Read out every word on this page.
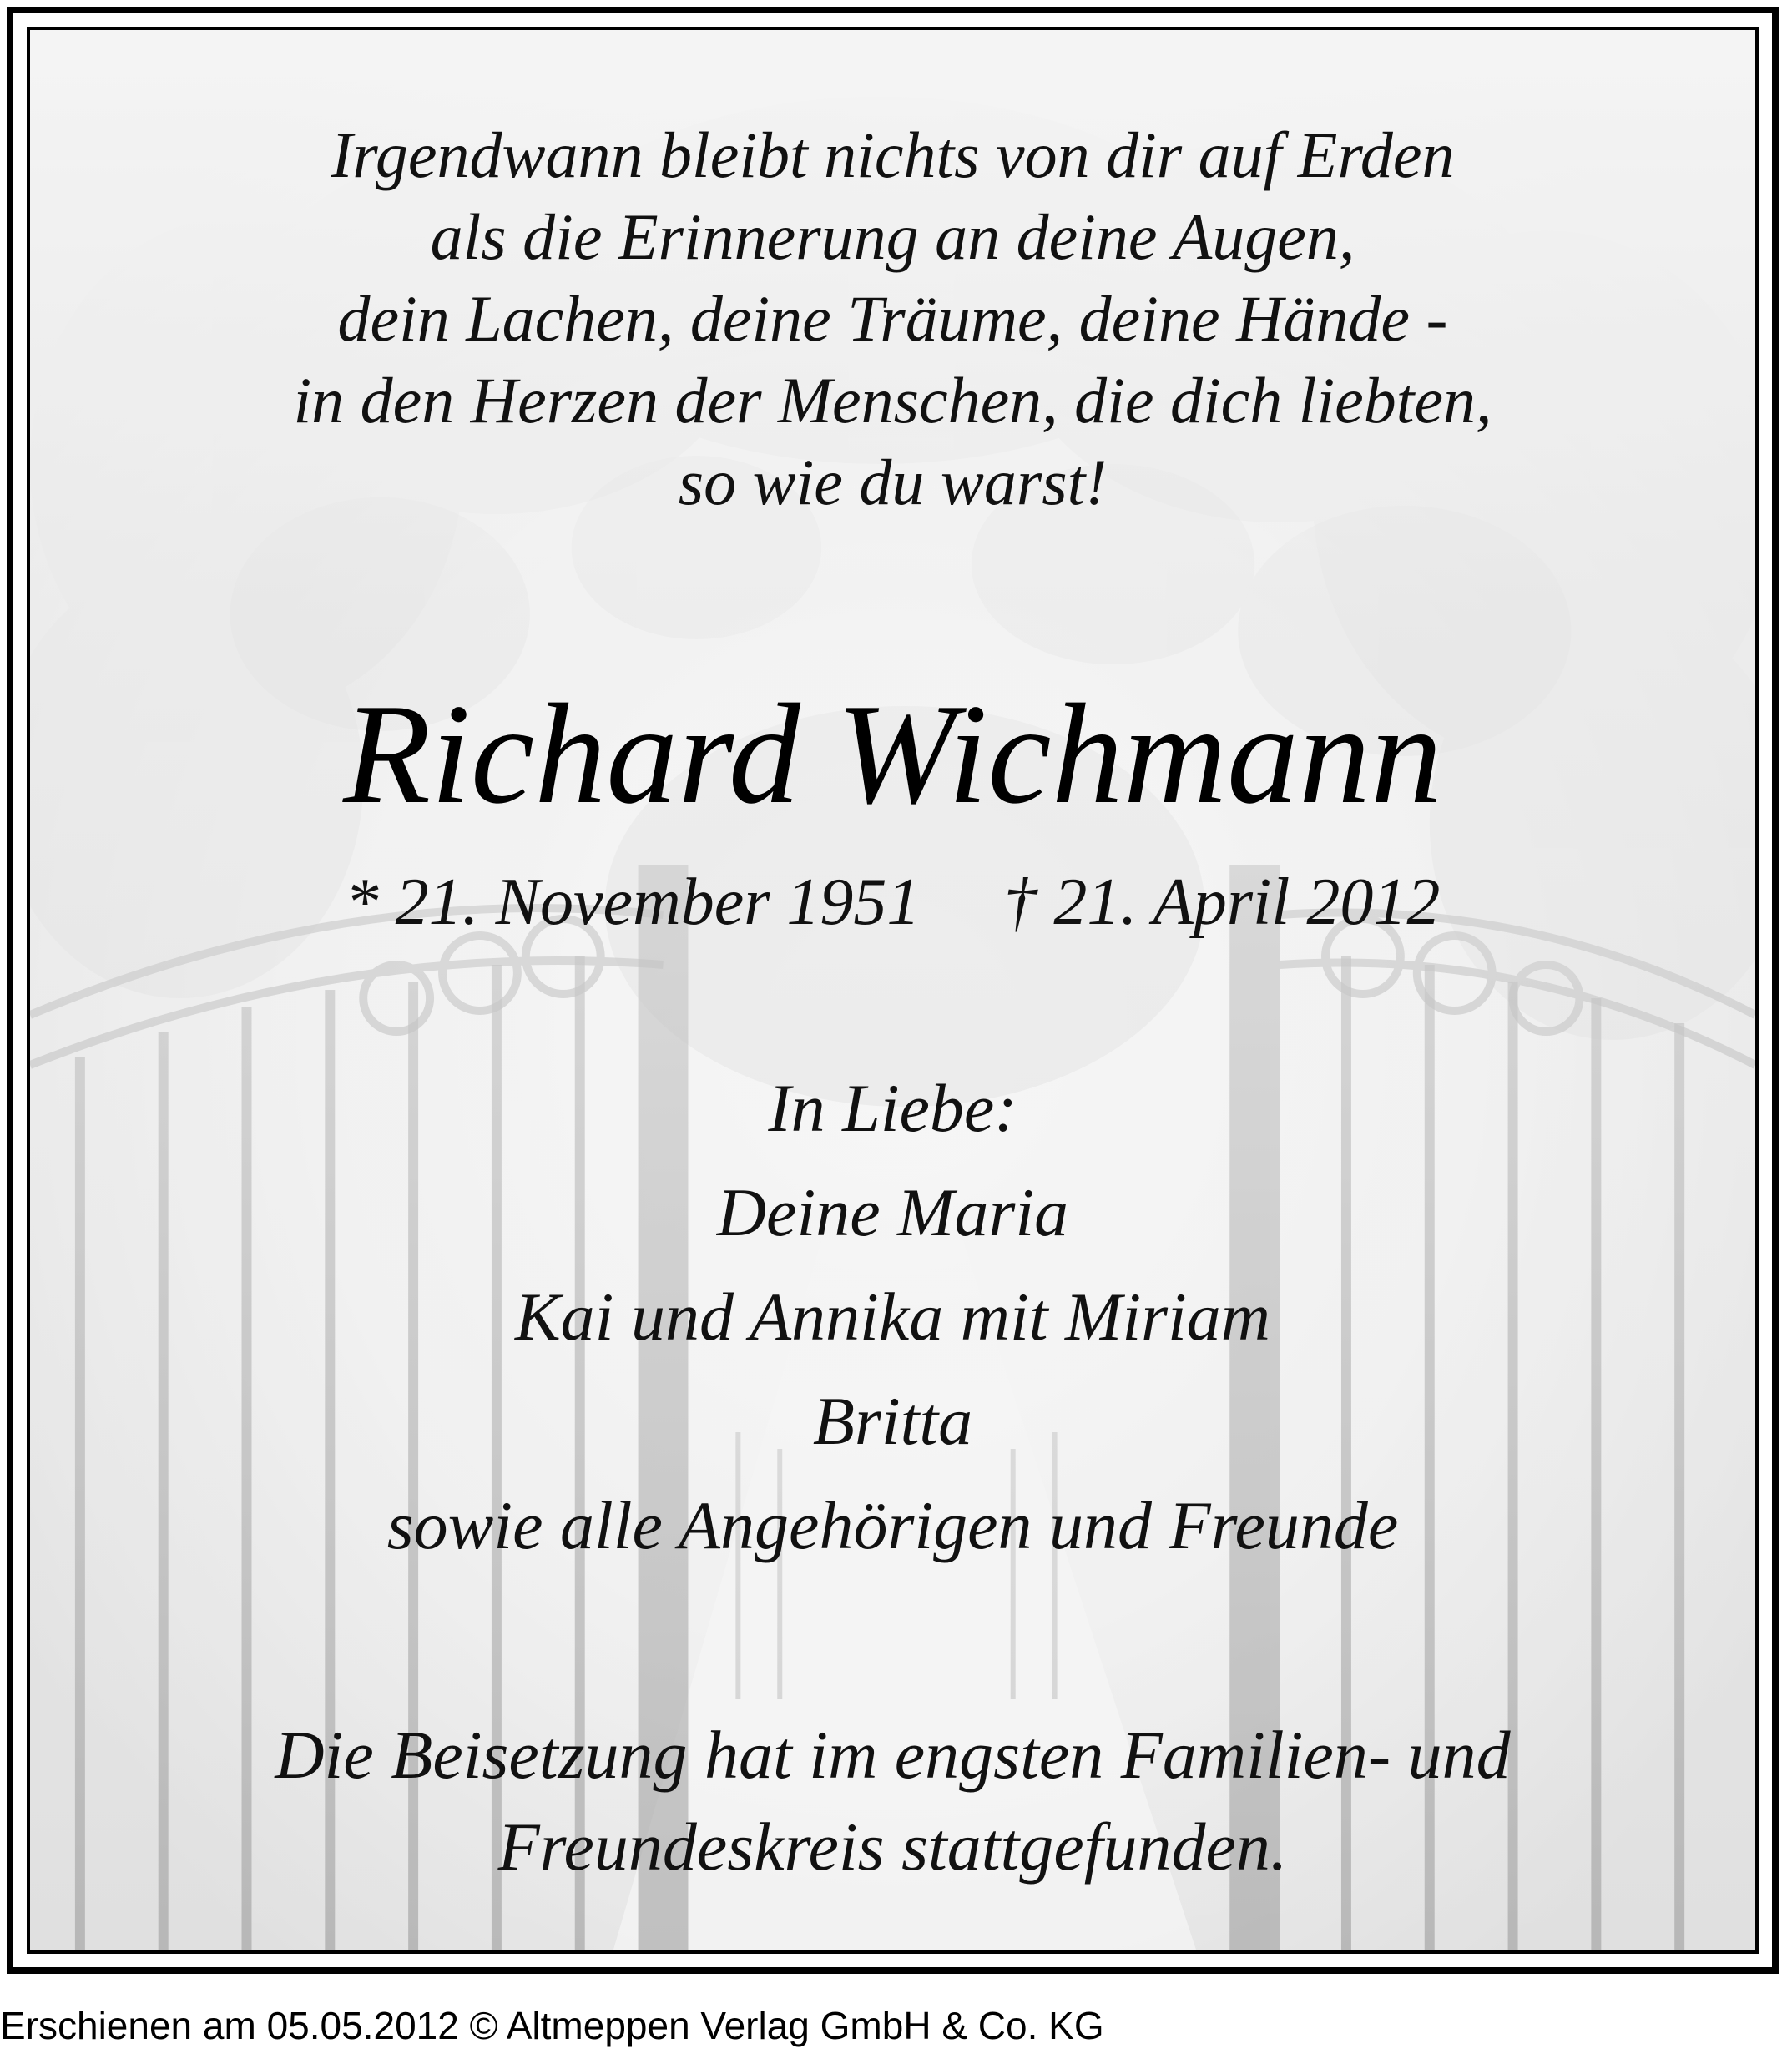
Irgendwann bleibt nichts von dir auf Erden
als die Erinnerung an deine Augen,
dein Lachen, deine Träume, deine Hände -
in den Herzen der Menschen, die dich liebten,
so wie du warst!
Richard Wichmann
* 21. November 1951 † 21. April 2012
In Liebe:
Deine Maria
Kai und Annika mit Miriam
Britta
sowie alle Angehörigen und Freunde
Die Beisetzung hat im engsten Familien- und
Freundeskreis stattgefunden.
Erschienen am 05.05.2012 © Altmeppen Verlag GmbH & Co. KG
